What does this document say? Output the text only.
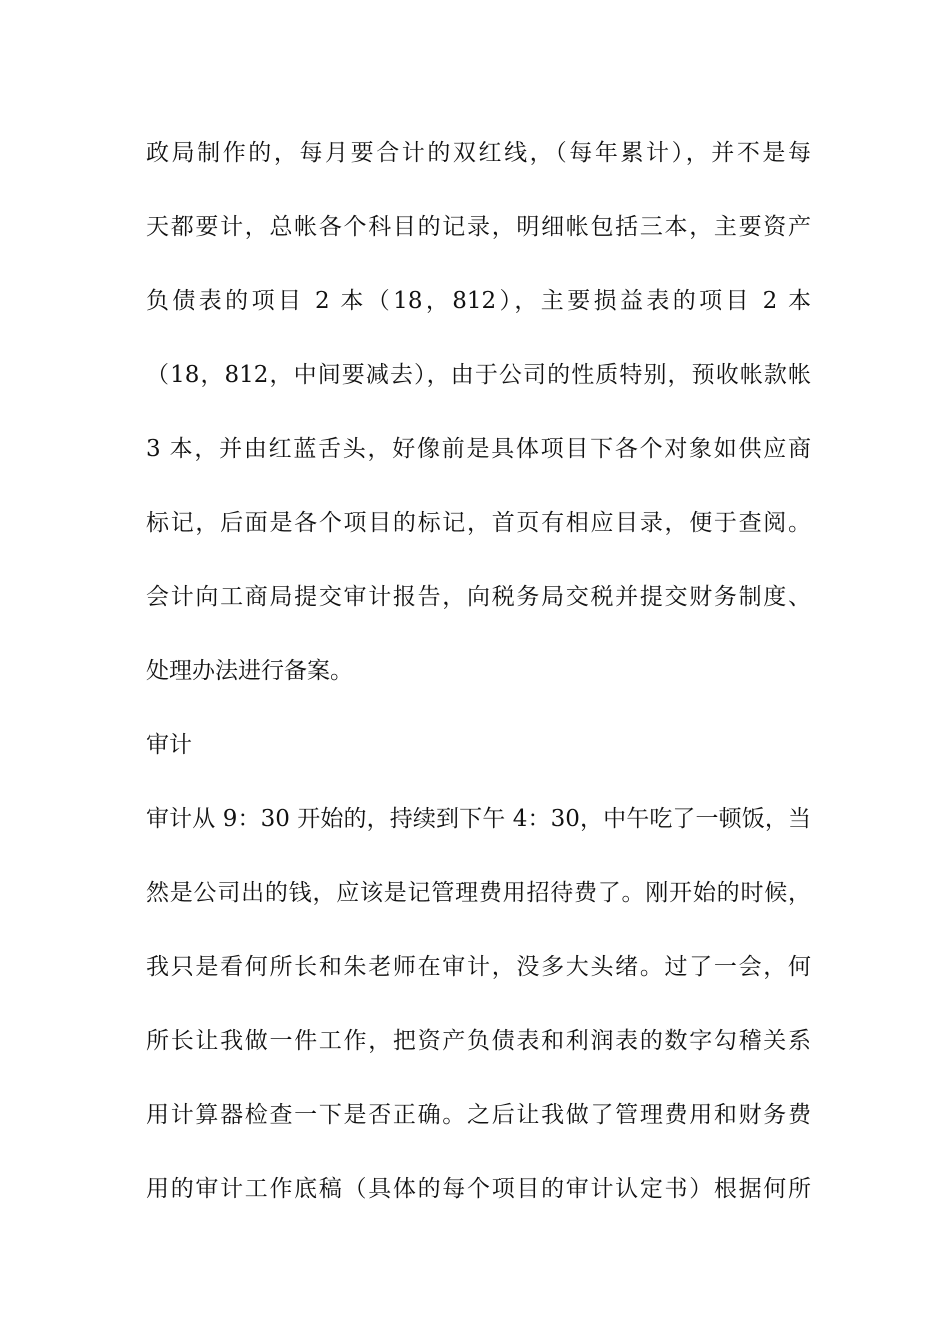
政局制作的，每月要合计的双红线，（每年累计），并不是每
天都要计，总帐各个科目的记录，明细帐包括三本，主要资产
负债表的项目 2 本（18，812），主要损益表的项目 2 本
（18，812，中间要减去），由于公司的性质特别，预收帐款帐
3 本，并由红蓝舌头，好像前是具体项目下各个对象如供应商
标记，后面是各个项目的标记，首页有相应目录，便于查阅。
会计向工商局提交审计报告，向税务局交税并提交财务制度、
处理办法进行备案。
审计
审计从 9：30 开始的，持续到下午 4：30，中午吃了一顿饭，当
然是公司出的钱，应该是记管理费用招待费了。刚开始的时候，
我只是看何所长和朱老师在审计，没多大头绪。过了一会，何
所长让我做一件工作，把资产负债表和利润表的数字勾稽关系
用计算器检查一下是否正确。之后让我做了管理费用和财务费
用的审计工作底稿（具体的每个项目的审计认定书）根据何所
